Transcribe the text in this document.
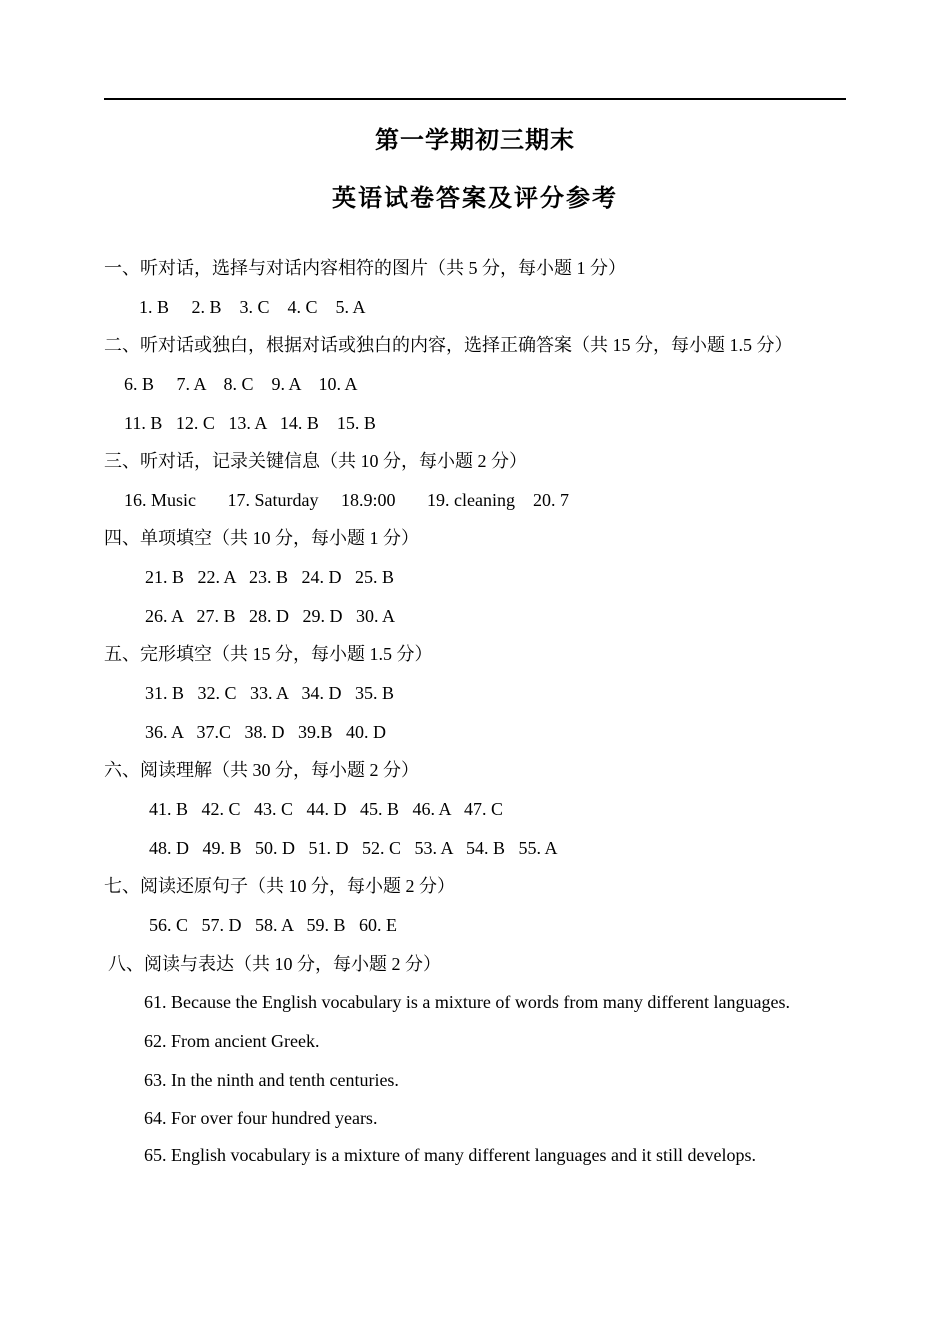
第一学期初三期末
英语试卷答案及评分参考
一、听对话，选择与对话内容相符的图片（共 5 分，每小题 1 分）
1. B     2. B    3. C    4. C    5. A
二、听对话或独白，根据对话或独白的内容，选择正确答案（共 15 分，每小题 1.5 分）
6. B     7. A    8. C    9. A    10. A
11. B   12. C   13. A   14. B    15. B
三、听对话，记录关键信息（共 10 分，每小题 2 分）
16. Music       17. Saturday     18.9:00       19. cleaning    20. 7
四、单项填空（共 10 分，每小题 1 分）
21. B   22. A   23. B   24. D   25. B
26. A   27. B   28. D   29. D   30. A
五、完形填空（共 15 分，每小题 1.5 分）
31. B   32. C   33. A   34. D   35. B
36. A   37.C   38. D   39.B   40. D
六、阅读理解（共 30 分，每小题 2 分）
41. B   42. C   43. C   44. D   45. B   46. A   47. C
48. D   49. B   50. D   51. D   52. C   53. A   54. B   55. A
七、阅读还原句子（共 10 分，每小题 2 分）
56. C   57. D   58. A   59. B   60. E
八、阅读与表达（共 10 分，每小题 2 分）
61. Because the English vocabulary is a mixture of words from many different languages.
62. From ancient Greek.
63. In the ninth and tenth centuries.
64. For over four hundred years.
65. English vocabulary is a mixture of many different languages and it still develops.
